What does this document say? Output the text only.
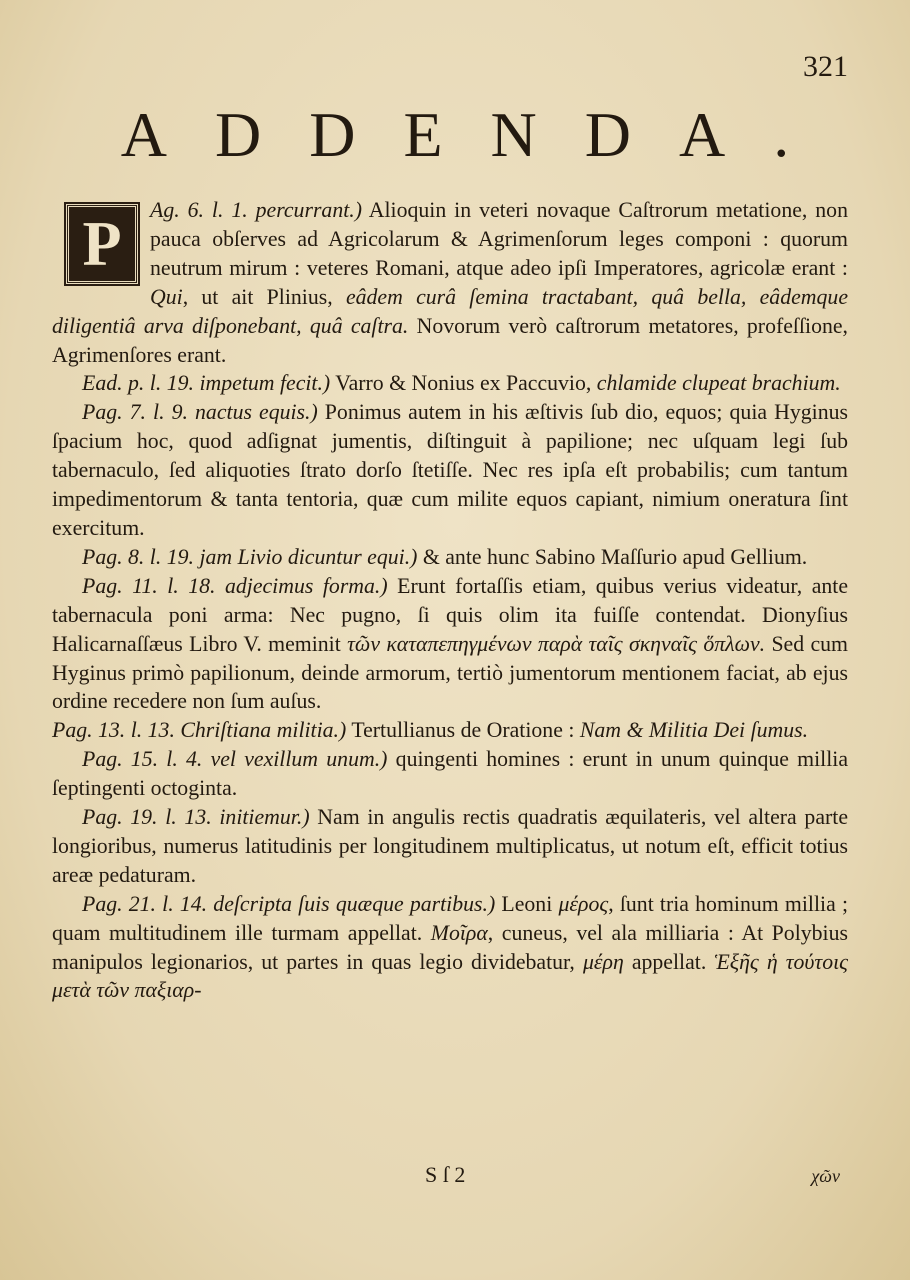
321
ADDENDA.
P	Ag. 6. l. 1. percurrant.) Alioquin in veteri novaque Caſtrorum metatione, non pauca obſerves ad Agricolarum & Agrimenſorum leges componi : quorum neutrum mirum : veteres Romani, atque adeo ipſi Imperatores, agricolæ erant : Qui, ut ait Plinius, eâdem curâ ſemina tractabant, quâ bella, eâdemque diligentiâ arva diſponebant, quâ caſtra. Novorum verò caſtrorum metatores, profeſſione, Agrimenſores erant.

Ead. p. l. 19. impetum fecit.) Varro & Nonius ex Paccuvio, chlamide clupeat brachium.

Pag. 7. l. 9. nactus equis.) Ponimus autem in his æſtivis ſub dio, equos; quia Hyginus ſpacium hoc, quod adſignat jumentis, diſtinguit à papilione; nec uſquam legi ſub tabernaculo, ſed aliquoties ſtrato dorſo ſtetiſſe. Nec res ipſa eſt probabilis; cum tantum impedimentorum & tanta tentoria, quæ cum milite equos capiant, nimium oneratura ſint exercitum.

Pag. 8. l. 19. jam Livio dicuntur equi.) & ante hunc Sabino Maſſurio apud Gellium.

Pag. 11. l. 18. adjecimus forma.) Erunt fortaſſis etiam, quibus verius videatur, ante tabernacula poni arma: Nec pugno, ſi quis olim ita fuiſſe contendat. Dionyſius Halicarnaſſæus Libro V. meminit τῶν καταπεπηγμένων παρὰ ταῖς σκηναῖς ὅπλων. Sed cum Hyginus primò papilionum, deinde armorum, tertiò jumentorum mentionem faciat, ab ejus ordine recedere non ſum auſus.

Pag. 13. l. 13. Chriſtiana militia.) Tertullianus de Oratione : Nam & Militia Dei ſumus.

Pag. 15. l. 4. vel vexillum unum.) quingenti homines : erunt in unum quinque millia ſeptingenti octoginta.

Pag. 19. l. 13. initiemur.) Nam in angulis rectis quadratis æquilateris, vel altera parte longioribus, numerus latitudinis per longitudinem multiplicatus, ut notum eſt, efficit totius areæ pedaturam.

Pag. 21. l. 14. deſcripta ſuis quæque partibus.) Leoni μέρος, ſunt tria hominum millia ; quam multitudinem ille turmam appellat. Μοῖρα, cuneus, vel ala milliaria : At Polybius manipulos legionarios, ut partes in quas legio dividebatur, μέρη appellat. Ἑξῆς ἡ τούτοις μετὰ τῶν παξιαρ-

S ſ 2	χῶν
